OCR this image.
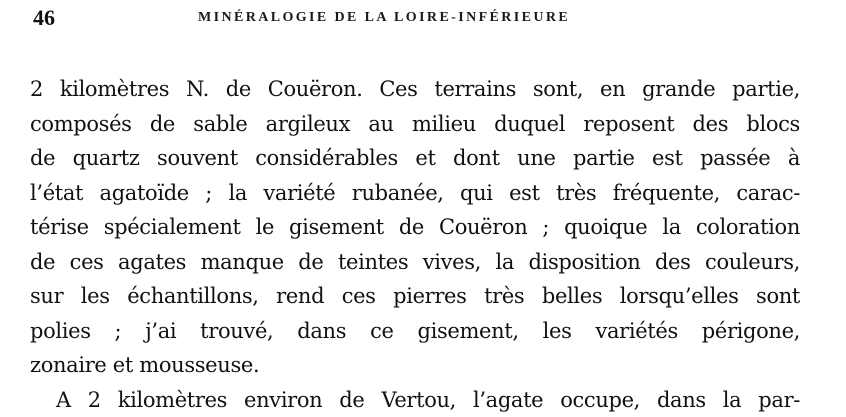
46	MINÉRALOGIE DE LA LOIRE-INFÉRIEURE
2 kilomètres N. de Couëron. Ces terrains sont, en grande partie,
composés de sable argileux au milieu duquel reposent des blocs
de quartz souvent considérables et dont une partie est passée à
l’état agatoïde ; la variété rubanée, qui est très fréquente, carac-
térise spécialement le gisement de Couëron ; quoique la coloration
de ces agates manque de teintes vives, la disposition des couleurs,
sur les échantillons, rend ces pierres très belles lorsqu’elles sont
polies ; j’ai trouvé, dans ce gisement, les variétés périgone,
zonaire et mousseuse.
A 2 kilomètres environ de Vertou, l’agate occupe, dans la par-
